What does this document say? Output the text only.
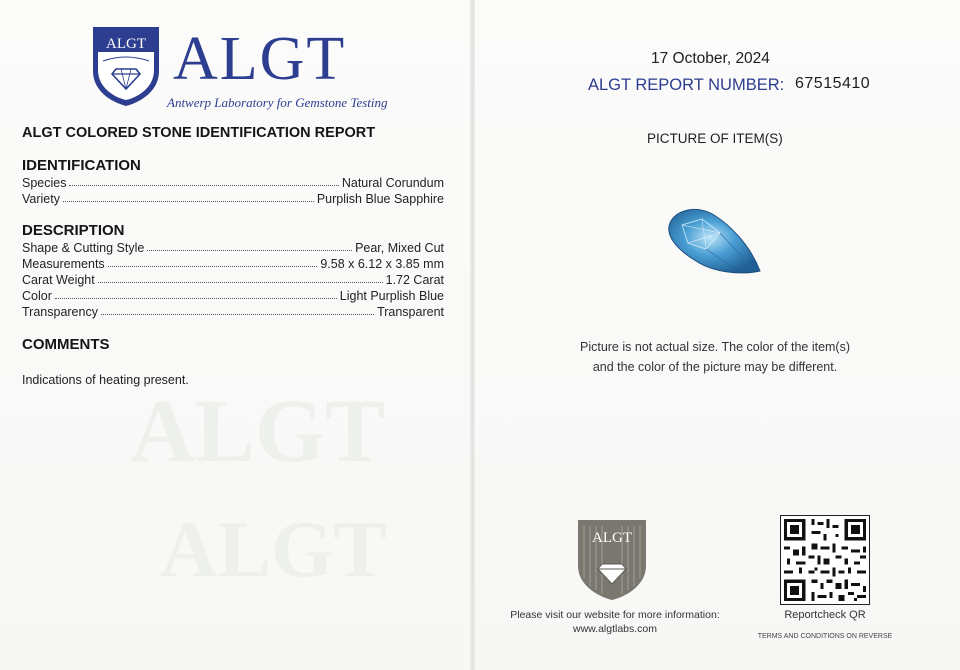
ALGT
ALGT
ALGT ALGT
Antwerp Laboratory for Gemstone Testing
ALGT COLORED STONE IDENTIFICATION REPORT
IDENTIFICATION
Species	Natural Corundum
Variety	Purplish Blue Sapphire
DESCRIPTION
Shape & Cutting Style	Pear, Mixed Cut
Measurements	9.58 x 6.12 x 3.85 mm
Carat Weight	1.72 Carat
Color	Light Purplish Blue
Transparency	Transparent
COMMENTS
Indications of heating present.
17 October, 2024
ALGT REPORT NUMBER: 67515410
PICTURE OF ITEM(S)
Picture is not actual size. The color of the item(s)
and the color of the picture may be different.
ALGT
Please visit our website for more information:
www.algtlabs.com
Reportcheck QR
TERMS AND CONDITIONS ON REVERSE
